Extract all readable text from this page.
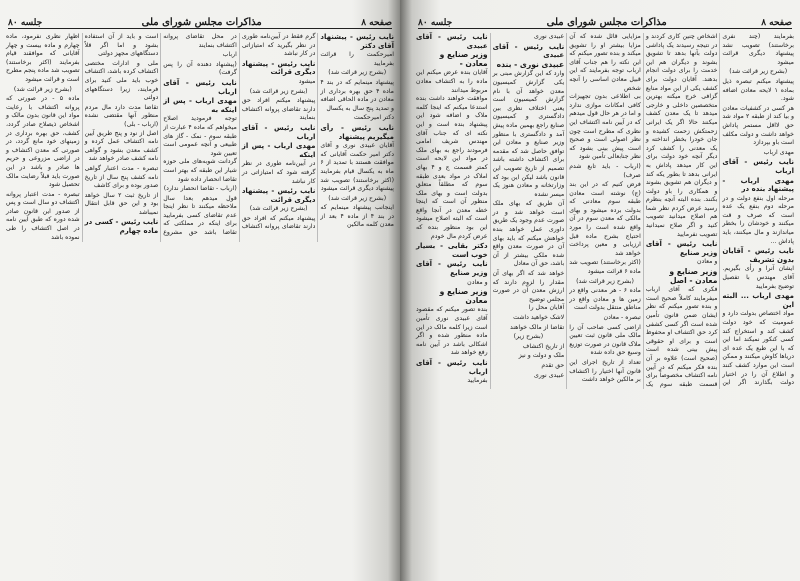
صفحه ۸
مذاکرات مجلس شورای ملی
جلسه ۸۰

نایب رئیس - پیشنهاد آقای دکتر

امیرحکمت را قرائت بفرمایید

(بشرح زیر قرائت شد)

پیشنهاد مینمایم که در بند ۴ ماده ۴ حق بهره برداری از معادن در ماده الحاقی اضافه و تمدید پنج سال به یکسال

دکتر امیرحکمت

نایب رئیس - رأی میگیریم پیشنهاد

آقایان عبیدی نوری و آقای دکتر امیر حکمت آقایانی که موافقت هستند با تمدید از ۶ ماه به یکسال قیام بفرمایند (اکثر برخاستند) تصویب شد پیشنهاد دیگری قرائت میشود

(بشرح زیر قرائت شد)

اینجانب پیشنهاد مینمایم که در بند ۴ از ماده ۴ بعد از معدن کلمه مالکین

گرم فقط در آیین‌نامه طوری در نظر بگیرید که امتیازاتی در کار نباشد

نایب رئیس - پیشنهاد دیگری قرائت

میشود

(بشرح زیر قرائت شد)

پیشنهاد میکنم افراد حق دارند تقاضای پروانه اکتشاف بنمایند

نایب رئیس - آقای ارباب

مهدی ارباب - پس از اینکه

در آیین‌نامه طوری در نظر گرفته شود که امتیازاتی در کار نباشد

نایب رئیس - پیشنهاد دیگری قرائت

(بشرح زیر قرائت شد)

پیشنهاد میکنم که افراد حق دارند تقاضای پروانه اکتشاف در محل تقاضای پروانه اکتشاف بنمایند

ارباب

(پیشنهاد دهنده آن را پس گرفت)

نایب رئیس - آقای ارباب

مهدی ارباب - پس از اینکه به

توجه فرمودید اصلاح میخواهم که ماده ۴ عبارت از طبقه سوم - نمک - گاز های طبیعی و آنچه عمومی است تعیین شود

گردانت شوبه‌های ملی حوزه شیار این طبقه که بهتر است تقاضا انحصار داده شود

(ارباب - تقاضا انحصار ندارد)

قول میدهم بعدا سال ملاحظه میکنند تا نظر اینجا عدم تقاضای کسی بفرمایید برای اینکه در مملکتی که تقاضا باشد حق مشروع است و باید از آن استفاده بشود و اما اگر قلاً دستگاههای مجهز دولتی

ملی و ادارات مختصی اکتشاف کرده باشد، اکتشاف خوب باید ملی کنید برای فرمایند، زیرا دستگاههای دولتی

تقاضا مدت دارد مال مردم منظور آنها مقتضی نشده (ارباب - بلی)

اصل از نود و پنج طریق آیین نامه اکتشاف عمل کرده و کشف معدن بشود و گواهی نامه کشف صادر خواهد شد

تبصره - مدت اعتبار گواهی نامه کشف پنج سال از تاریخ صدور بوده و برای کاشف

از تاریخ ثبت ۲ سال خواهد بود و این حق قابل انتقال نمیباشد

نایب رئیس - کسی در ماده چهارم

اظهار نظری نفرمود، ماده چهارم و ماده بیست و چهار آقایانی که موافقند قیام بفرمایند (اکثر برخاستند) تصویب شد ماده پنجم مطرح است و قرائت میشود

(بشرح زیر قرائت شد)

ماده ۵ - در صورتی که پروانه اکتشاف با رعایت مواد این قانون بدون مالک و اشخاص ذیصلاح صادر گردد، کشف، حق بهره برداری در زمینهای خود مانع گردد، در صورتی که معدن اکتشاف و در اراضی مزروعی و حریم ها صادر و باشد در این صورت باید قبلاً رضایت مالک تحصیل شود

تبصره - مدت اعتبار پروانه اکتشاف دو سال است و پس از صدور این قانون صادر شده دوره که طبق آیین نامه در اصل اکتشاف را طی نموده باشد

صفحه ۸
مذاکرات مجلس شورای ملی
جلسه ۸۰

بفرمایند (چند نفری برخاستند) تصویب نشد پیشنهاد دیگری قرائت میشود

(بشرح زیر قرائت شد)

پیشنهاد میکنم تبصره ذیل بماده ۱ لایحه معادن اضافه شود.

هر کسی در کشفیات معادن و بیا کند از طبقه ۲ مواد شد حق لااقل مستمر پاداش خواهد داشت و دولت مکلف است باو بپردازد

مهدی ارباب

نایب رئیس - آقای ارباب

مهدی ارباب - پیشنهاد بنده در

مرحله اول بنفع دولت و در مرحله دوم بنفع یک عده است که صرف و قت میکنند و خودشان را بخطر میاندازند و مال میکنند، باید پاداش ...

نایب رئیس - آقایان بدون تشریف

ایشان آنرا و رأی بگیریم. آقای مهندس با تفصیل توضیح بفرمایید

مهدی ارباب ... البته این

مواد اختصاص بدولت دارد و عمومیت که خود دولت کشف کند و استخراج کند کسی کنکور نمیکند اما این که با این طبع یک عده ای دریاها کاوش میکنند و ممکن است این موارد کشف کنند و اطلاع آن را در اختیار دولت بگذارند اگر این اشخاص چنین کاری کردند و در نتیجه رسیدند یک پاداشی دولت بآنها بدهد تا تشویق بشوند و دیگران هم این خدمت را برای دولت انجام بدهند. آقایان دولت برای کشف یکی از این مواد منابع گزافی خرج میکنه بهترین متخصصین داخلی و خارجی میدهد تا یک معدن کشف میکنند حالا اگر یک ایرانی زحمتکش زحمت کشیده و جان خودرا بخطر انداخته و یک معدنی را کشف کرد دیگر آنچه خود دولت برای این کار میدهد پاداش به ایرانی بدهد تا بطور یکه کند و دیگران هم تشویق بشوند و همکاری را باو دولت بکنند. بنده البته آنچه بنظرم رسید عرض کردم نظر شما هم اصلاح میدانید تصویب کنید و اگر صلاح نمیدانید تصویب نفرمایید

نایب رئیس - آقای وزیر صنایع

و معادن

وزیر صنایع و معادن - اصل

فکری که آقای ارباب میفرمایند کاملاً صحیح است و بنده تصور میکنم که نظر ایشان ضمن قانون تأمین شده است اگر کسی کشفی کرد حق اکتشاف او محفوظ است و برای او حقوقی پیش بینی شده است (صحیح است) علاوه بر آن بنده فکر میکنم که در آیین نامه اکتشاف مخصوصاً برای قسمت طبقه سوم یک مزایایی قائل شده که آن مزایا بیشتر او را تشویق میکند و بنده تصور میکنم که این نکته را هم جناب آقای ارباب توجه بفرمایند که این قبیل معادن اساسی را آنچه شخص

بی اطلاعی بدون تجهیزات کافی امکانات موازی ندارد و اما در هر حال قول میدهم که در آیین نامه اکتشاف این نظری که مطرح است چون نظر اصولی است و صحیح است پیش بینی بشود که نظر جنابعالی تأمین شود

(ارباب - باید تابع شدم صرف)

فرض کنیم که در این بند (ج) نوشته است معادن طبقه سوم معادنی که بدولت برده میشود و بهای مالکی که معدن سوم در آن واقع شده است را مورد احتیاج بشرح ماده قبل ارزیابی و معین پرداخت خواهد شد

(اکثر برخاستند) تصویب شد ماده ۶ قرائت میشود

(بشرح زیر قرائت شد)

ماده ۶ - هر معدنی واقع در زمین ها و معادن واقع در مناطق منتقل بدولت است

تبصره - معادن

اراضی کسی صاحب آن را مالک ملی قانون ثبت تعیین ملاک قانون در صورت توزیع وسیع حق داده شده

تعداد از تاریخ اجرای این قانون آنها اختیار را اکتشاف بر مالکین خواهد داشت

عبیدی نوری

نایب رئیس - آقای عبیدی

عبیدی نوری - بنده

وارد که این گزارش مبنی بر یکی گزارش کمیسیون معدن خواهد آن با نام گزارش کمیسیون است یعنی اختلاف نظری بین دادگستری و کمیسیون صنایع راجع بهمین ماده پیش آمد و دادگستری با منظور وزیر صنایع و معادن این توافق حاصل شد که مقدمه برای اکتشاف داشته باشد تصمیم از تاریخ تصویب این قانون باشد لیکن این بود که وزارتخانه و معادن هنوز یک میسر نشده

آن طریق که بهای ملک است خواهد شد و در صورت عدم وجود یک طریق داوری عمل خواهد بنده خواهش میکنم که باید بهای آن در صورت معدن واقع شده ملکی بیشتر از آن باشد، حق آن معادل

خواهد شد که اگر بهای آن مقدار را لزوم دارند که ارزش معدن آن در صورت مجلس توضیح

آقایان محل را

لاشک خواهید داشت

تقاضا از مالک خواهند

(بشرح زیر)

از تاریخ اکتشاف

ملک و دولت و نیز

حق تقدم

عبیدی نوری

نایب رئیس - آقای عبیدی

وزیر صنایع و معادن -

آقایان بنده عرض میکنم این ماده را به اکتشاف معادن مربوط میدانند

موافقت خواهند داشت بنده استدعا میکنم که اینجا کلمه ملاک و اضافه شود این پیشنهاد بنده است و این نکته ای که جناب آقای مهندس شریف امامی فرمودند راجع به بهای ملک در مواد این لایحه است کمتر قسمت ج و ۴ بهای املاک در مواد بعدی طبقه سوم که مطلقاً متعلق بدولت است و بهای ملک منظور آن است که اینجا خطه معدن در آنجا واقع است که البته اصلاح میشود این بود منظور بنده که عرض کردم مال خودم

دکتر بقایی - بسیار خوب است

نایب رئیس - آقای وزیر صنایع

و معادن

وزیر صنایع و معادن

بنده تصور میکنم که مقصود آقای عبیدی نوری تأمین است زیرا کلمه مالک در این ماده منظور شده و اگر اشکالی باشد در آیین نامه رفع خواهد شد

نایب رئیس - آقای ارباب

بفرمایید
